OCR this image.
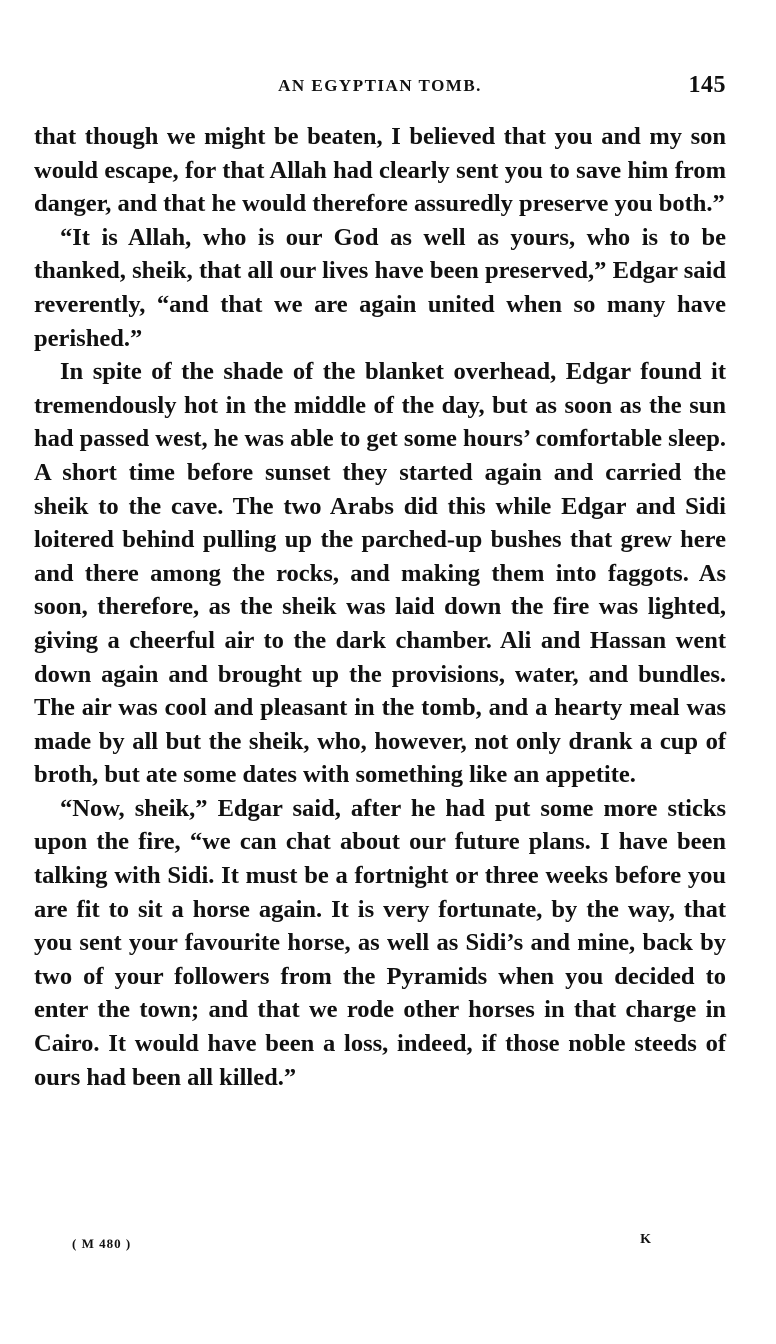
AN EGYPTIAN TOMB.	145

that though we might be beaten, I believed that you and my son would escape, for that Allah had clearly sent you to save him from danger, and that he would therefore assuredly preserve you both.”

“It is Allah, who is our God as well as yours, who is to be thanked, sheik, that all our lives have been preserved,” Edgar said reverently, “and that we are again united when so many have perished.”

In spite of the shade of the blanket overhead, Edgar found it tremendously hot in the middle of the day, but as soon as the sun had passed west, he was able to get some hours’ comfortable sleep. A short time before sunset they started again and carried the sheik to the cave. The two Arabs did this while Edgar and Sidi loitered behind pulling up the parched-up bushes that grew here and there among the rocks, and making them into faggots. As soon, therefore, as the sheik was laid down the fire was lighted, giving a cheerful air to the dark chamber. Ali and Hassan went down again and brought up the provisions, water, and bundles. The air was cool and pleasant in the tomb, and a hearty meal was made by all but the sheik, who, however, not only drank a cup of broth, but ate some dates with something like an appetite.

“Now, sheik,” Edgar said, after he had put some more sticks upon the fire, “we can chat about our future plans. I have been talking with Sidi. It must be a fortnight or three weeks before you are fit to sit a horse again. It is very fortunate, by the way, that you sent your favourite horse, as well as Sidi’s and mine, back by two of your followers from the Pyramids when you decided to enter the town; and that we rode other horses in that charge in Cairo. It would have been a loss, indeed, if those noble steeds of ours had been all killed.”

( M 480 )	K
